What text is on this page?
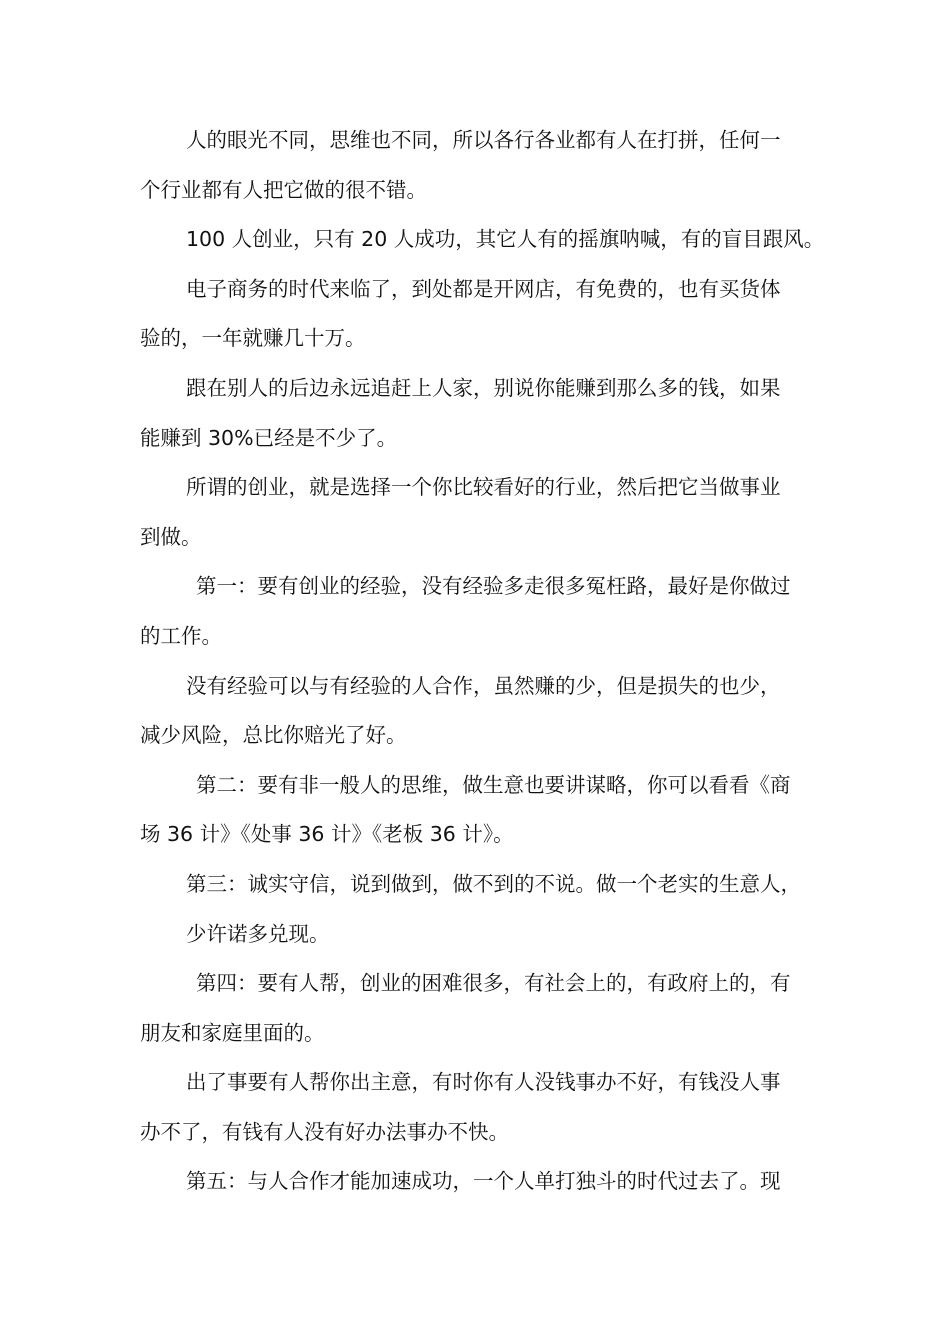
人的眼光不同，思维也不同，所以各行各业都有人在打拼，任何一
个行业都有人把它做的很不错。
100 人创业，只有 20 人成功，其它人有的摇旗呐喊，有的盲目跟风。
电子商务的时代来临了，到处都是开网店，有免费的，也有买货体
验的，一年就赚几十万。
跟在别人的后边永远追赶上人家，别说你能赚到那么多的钱，如果
能赚到 30%已经是不少了。
所谓的创业，就是选择一个你比较看好的行业，然后把它当做事业
到做。
第一：要有创业的经验，没有经验多走很多冤枉路，最好是你做过
的工作。
没有经验可以与有经验的人合作，虽然赚的少，但是损失的也少，
减少风险，总比你赔光了好。
第二：要有非一般人的思维，做生意也要讲谋略，你可以看看《商
场 36 计》《处事 36 计》《老板 36 计》。
第三：诚实守信，说到做到，做不到的不说。做一个老实的生意人，
少许诺多兑现。
第四：要有人帮，创业的困难很多，有社会上的，有政府上的，有
朋友和家庭里面的。
出了事要有人帮你出主意，有时你有人没钱事办不好，有钱没人事
办不了，有钱有人没有好办法事办不快。
第五：与人合作才能加速成功，一个人单打独斗的时代过去了。现
